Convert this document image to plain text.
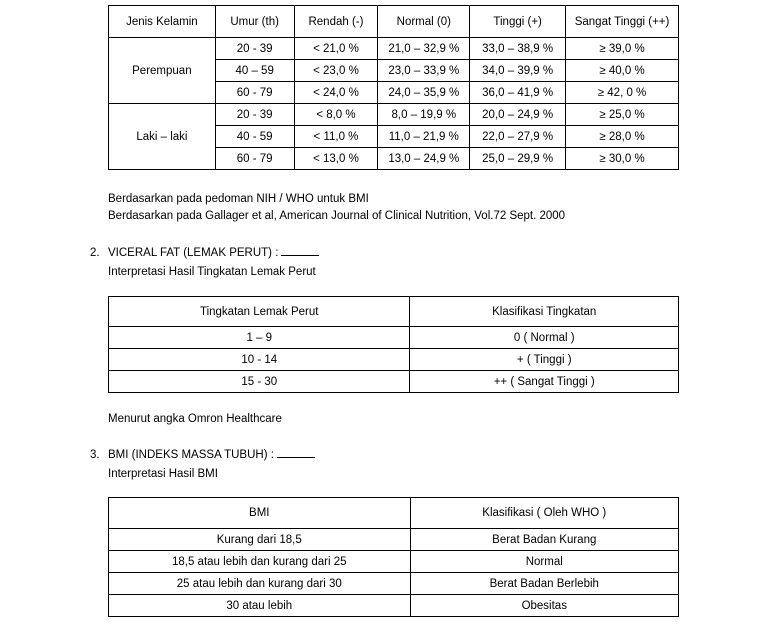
Jenis Kelamin	Umur (th)	Rendah (-)	Normal (0)	Tinggi (+)	Sangat Tinggi (++)
Perempuan	20 - 39	< 21,0 %	21,0 – 32,9 %	33,0 – 38,9 %	≥ 39,0 %
	40 – 59	< 23,0 %	23,0 – 33,9 %	34,0 – 39,9 %	≥ 40,0 %
	60 - 79	< 24,0 %	24,0 – 35,9 %	36,0 – 41,9 %	≥ 42, 0 %
Laki – laki	20 - 39	< 8,0 %	8,0 – 19,9 %	20,0 – 24,9 %	≥ 25,0 %
	40 - 59	< 11,0 %	11,0 – 21,9 %	22,0 – 27,9 %	≥ 28,0 %
	60 - 79	< 13,0 %	13,0 – 24,9 %	25,0 – 29,9 %	≥ 30,0 %
Berdasarkan pada pedoman NIH / WHO untuk BMI
Berdasarkan pada Gallager et al, American Journal of Clinical Nutrition, Vol.72 Sept. 2000
2. VICERAL FAT (LEMAK PERUT) :
Interpretasi Hasil Tingkatan Lemak Perut
Tingkatan Lemak Perut	Klasifikasi Tingkatan
1 – 9	0 ( Normal )
10 - 14	+ ( Tinggi )
15 - 30	++ ( Sangat Tinggi )
Menurut angka Omron Healthcare
3. BMI (INDEKS MASSA TUBUH) :
Interpretasi Hasil BMI
BMI	Klasifikasi ( Oleh WHO )
Kurang dari 18,5	Berat Badan Kurang
18,5 atau lebih dan kurang dari 25	Normal
25 atau lebih dan kurang dari 30	Berat Badan Berlebih
30 atau lebih	Obesitas
